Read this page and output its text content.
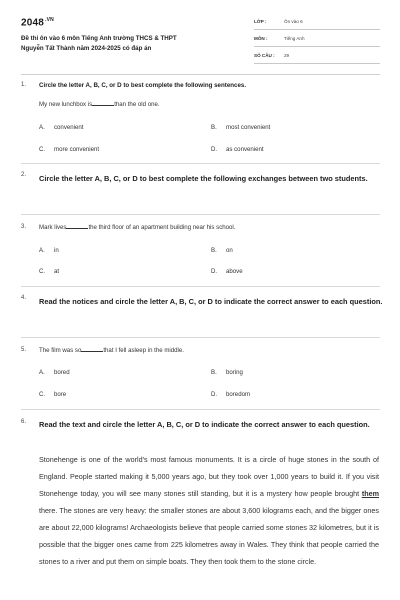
$2048^{.VN}$
Đề thi ôn vào 6 môn Tiếng Anh trường THCS & THPT
Nguyễn Tất Thành năm 2024-2025 có đáp án
LỚP :	Ôn vào 6
MÔN :	Tiếng Anh
SỐ CÂU : 29
1. Circle the letter A, B, C, or D to best complete the following sentences.
My new lunchbox is	than the old one.
A. convenient	B. most convenient
C. more convenient	D. as convenient
2. Circle the letter A, B, C, or D to best complete the following exchanges between two students.
3. Mark lives	the third floor of an apartment building near his school.
A. in	B. on
C. at	D. above
4. Read the notices and circle the letter A, B, C, or D to indicate the correct answer to each question.
5. The film was so	that I fell asleep in the middle.
A. bored	B. boring
C. bore	D. boredom
6. Read the text and circle the letter A, B, C, or D to indicate the correct answer to each question.
Stonehenge is one of the world's most famous monuments. It is a circle of huge stones in the south of England. People started making it 5,000 years ago, but they took over 1,000 years to build it. If you visit Stonehenge today, you will see many stones still standing, but it is a mystery how people brought them there. The stones are very heavy: the smaller stones are about 3,600 kilograms each, and the bigger ones are about 22,000 kilograms! Archaeologists believe that people carried some stones 32 kilometres, but it is possible that the bigger ones came from 225 kilometres away in Wales. They think that people carried the stones to a river and put them on simple boats. They then took them to the stone circle.
